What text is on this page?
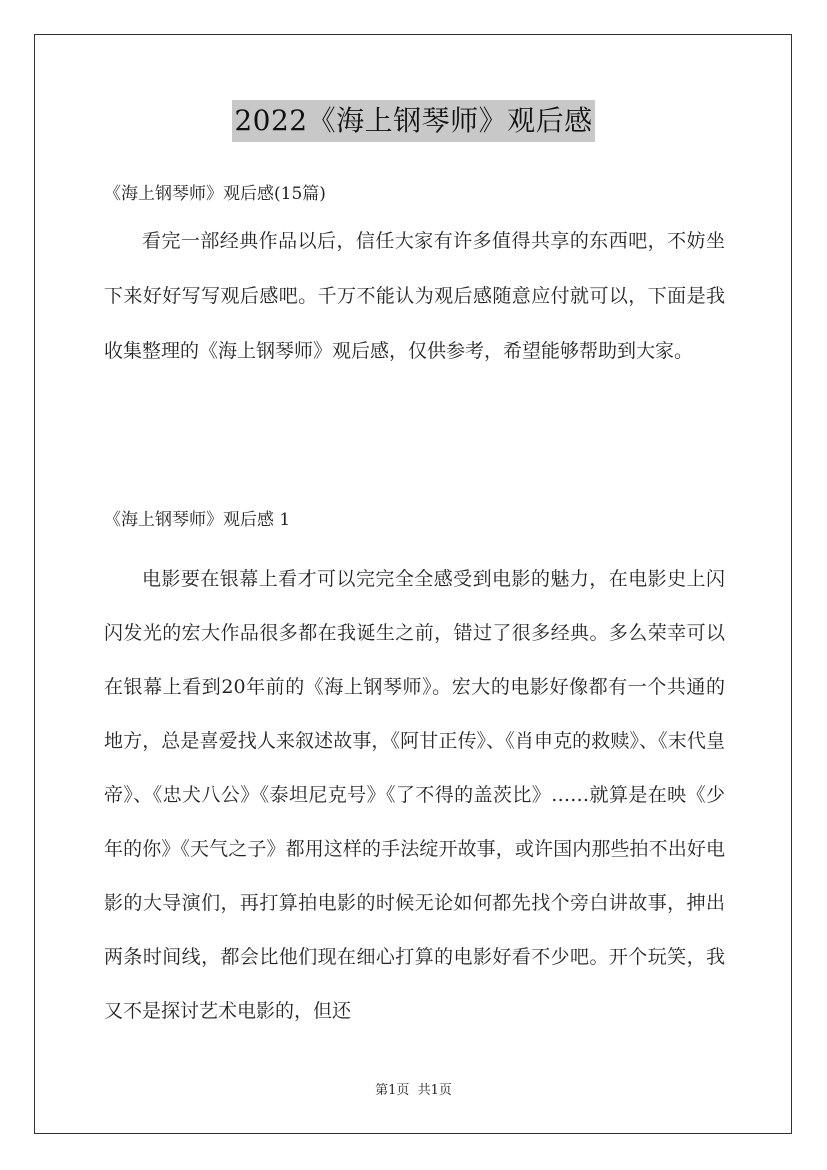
2022《海上钢琴师》观后感

《海上钢琴师》观后感(15篇)

看完一部经典作品以后，信任大家有许多值得共享的东西吧，不妨坐下来好好写写观后感吧。千万不能认为观后感随意应付就可以，下面是我收集整理的《海上钢琴师》观后感，仅供参考，希望能够帮助到大家。

《海上钢琴师》观后感 1

电影要在银幕上看才可以完完全全感受到电影的魅力，在电影史上闪闪发光的宏大作品很多都在我诞生之前，错过了很多经典。多么荣幸可以在银幕上看到20年前的《海上钢琴师》。宏大的电影好像都有一个共通的地方，总是喜爱找人来叙述故事，《阿甘正传》、《肖申克的救赎》、《末代皇帝》、《忠犬八公》《泰坦尼克号》《了不得的盖茨比》……就算是在映《少年的你》《天气之子》都用这样的手法绽开故事，或许国内那些拍不出好电影的大导演们，再打算拍电影的时候无论如何都先找个旁白讲故事，抻出两条时间线，都会比他们现在细心打算的电影好看不少吧。开个玩笑，我又不是探讨艺术电影的，但还

第1页  共1页
